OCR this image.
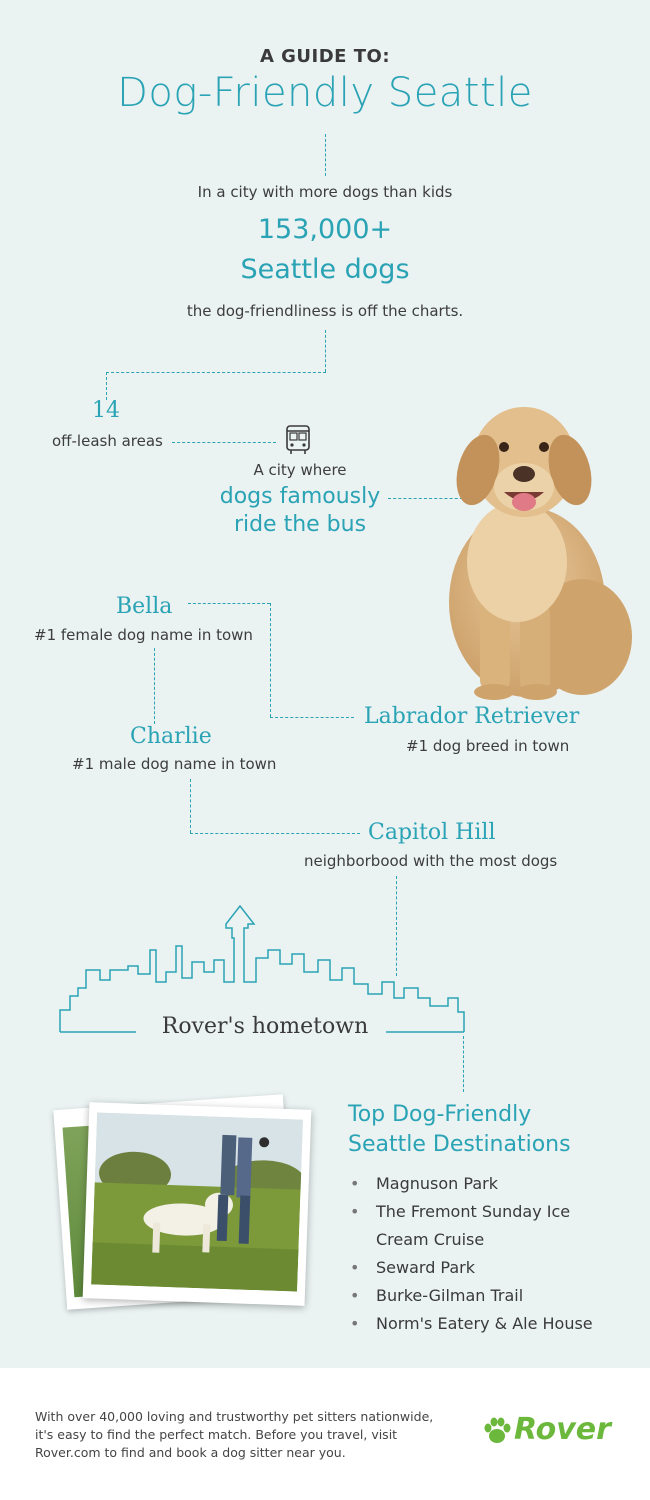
A GUIDE TO:
Dog-Friendly Seattle
In a city with more dogs than kids
153,000+
Seattle dogs
the dog-friendliness is off the charts.
14
off-leash areas
A city where
dogs famously
ride the bus
Bella
#1 female dog name in town
Labrador Retriever
#1 dog breed in town
Charlie
#1 male dog name in town
Capitol Hill
neighborbood with the most dogs
Rover's hometown
Top Dog-Friendly
Seattle Destinations
• Magnuson Park
• The Fremont Sunday Ice
Cream Cruise
• Seward Park
• Burke-Gilman Trail
• Norm's Eatery & Ale House
With over 40,000 loving and trustworthy pet sitters nationwide, it's easy to find the perfect match. Before you travel, visit Rover.com to find and book a dog sitter near you.
Rover
